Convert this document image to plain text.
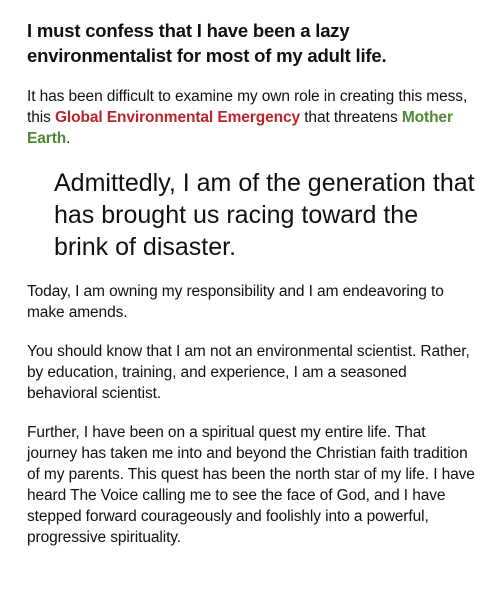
I must confess that I have been a lazy environmentalist for most of my adult life.

It has been difficult to examine my own role in creating this mess, this Global Environmental Emergency that threatens Mother Earth.

Admittedly, I am of the generation that has brought us racing toward the brink of disaster.

Today, I am owning my responsibility and I am endeavoring to make amends.

You should know that I am not an environmental scientist. Rather, by education, training, and experience, I am a seasoned behavioral scientist.

Further, I have been on a spiritual quest my entire life. That journey has taken me into and beyond the Christian faith tradition of my parents. This quest has been the north star of my life. I have heard The Voice calling me to see the face of God, and I have stepped forward courageously and foolishly into a powerful, progressive spirituality.
